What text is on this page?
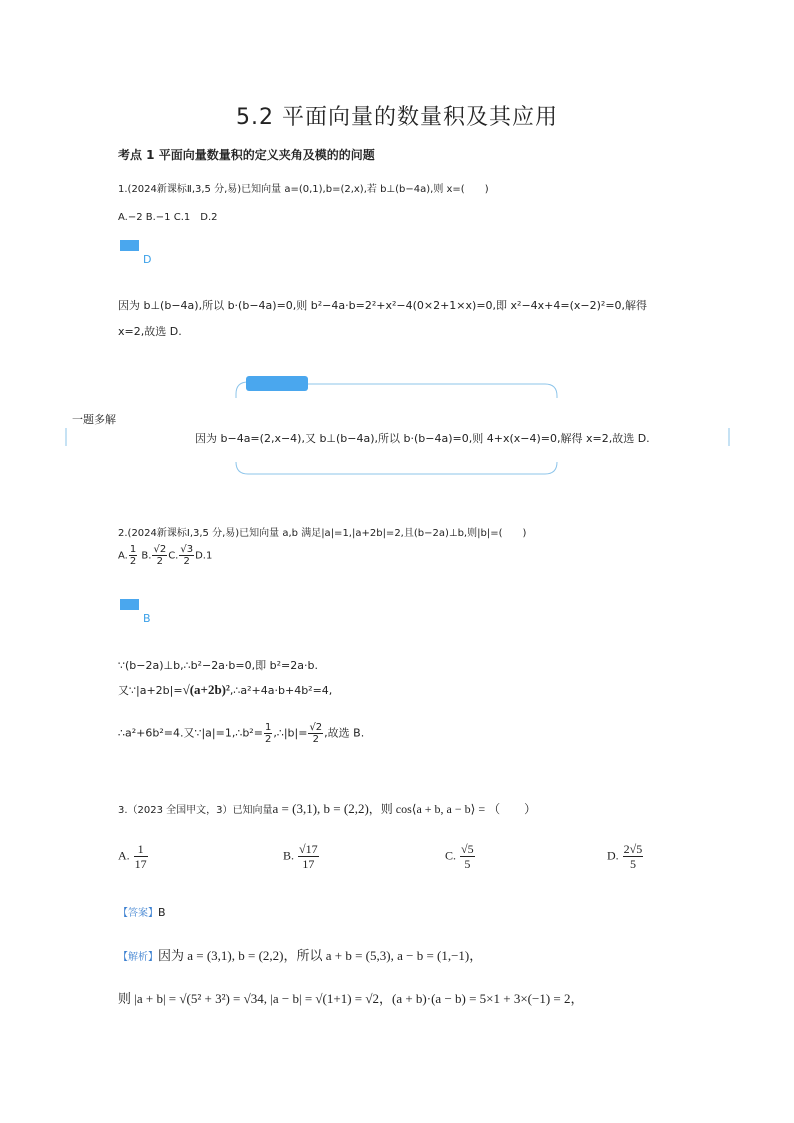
5.2 平面向量的数量积及其应用
考点 1 平面向量数量积的定义夹角及模的的问题
1.(2024新课标Ⅱ,3,5 分,易)已知向量 a=(0,1),b=(2,x),若 b⊥(b−4a),则 x=(　　)
A.−2 B.−1 C.1　D.2
D
因为 b⊥(b−4a),所以 b·(b−4a)=0,则 b²−4a·b=2²+x²−4(0×2+1×x)=0,即 x²−4x+4=(x−2)²=0,解得
x=2,故选 D.
一题多解
因为 b−4a=(2,x−4),又 b⊥(b−4a),所以 b·(b−4a)=0,则 4+x(x−4)=0,解得 x=2,故选 D.
2.(2024新课标Ⅰ,3,5 分,易)已知向量 a,b 满足|a|=1,|a+2b|=2,且(b−2a)⊥b,则|b|=(　　)
A. $\frac{1}{2} B$. $\frac{√2}{2} C$. $\frac{√3}{2} D.1$
B
∵(b−2a)⊥b,∴b²−2a·b=0,即 b²=2a·b.
又∵|a+2b|=√(a+2b)²,∴a²+4a·b+4b²=4,
∴a²+6b²=4.又∵|a|=1,∴b²= $\frac{1}{2}$ ,∴|b|= $\frac{√2}{2}$ ,故选 B.
3.（2023 全国甲文，3）已知向量a = (3,1), b = (2,2)，则 cos⟨a + b, a − b⟩ = （　　）
A. $\frac{1}{17}$	B. $\frac{√17}{17}$	C. $\frac{√5}{5}$	D. $\frac{2√5}{5}$
【答案】B
【解析】因为 a = (3,1), b = (2,2)，所以 a + b = (5,3), a − b = (1,−1)，
则 |a + b| = √(5² + 3²) = √34, |a − b| = √(1+1) = √2，(a + b)·(a − b) = 5×1 + 3×(−1) = 2，
